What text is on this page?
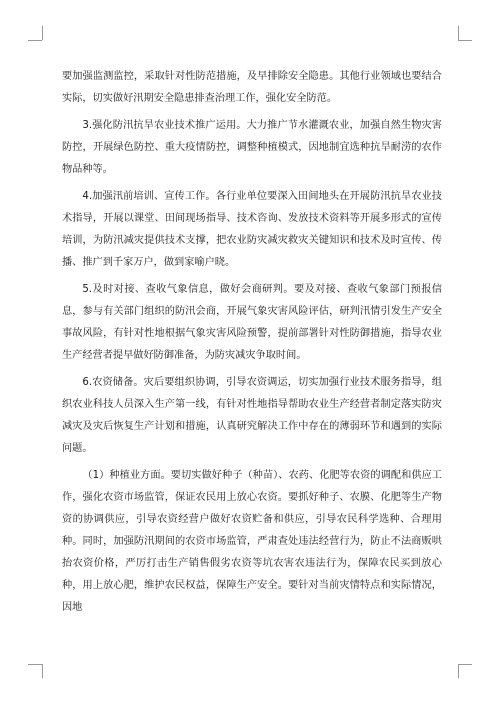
要加强监测监控，采取针对性防范措施，及早排除安全隐患。其他行业领域也要结合实际，切实做好汛期安全隐患排查治理工作，强化安全防范。

3.强化防汛抗旱农业技术推广运用。大力推广节水灌溉农业，加强自然生物灾害防控，开展绿色防控、重大疫情防控，调整种植模式，因地制宜选种抗旱耐涝的农作物品种等。

4.加强汛前培训、宣传工作。各行业单位要深入田间地头在开展防汛抗旱农业技术指导，开展以课堂、田间现场指导、技术咨询、发放技术资料等开展多形式的宣传培训，为防汛减灾提供技术支撑，把农业防灾减灾救灾关键知识和技术及时宣传、传播、推广到千家万户，做到家喻户晓。

5.及时对接、查收气象信息，做好会商研判。要及对接、查收气象部门预报信息，参与有关部门组织的防汛会商，开展气象灾害风险评估，研判汛情引发生产安全事故风险，有针对性地根据气象灾害风险预警，提前部署针对性防御措施，指导农业生产经营者提早做好防御准备，为防灾减灾争取时间。

6.农资储备。灾后要组织协调，引导农资调运，切实加强行业技术服务指导，组织农业科技人员深入生产第一线，有针对性地指导帮助农业生产经营者制定落实防灾减灾及灾后恢复生产计划和措施，认真研究解决工作中存在的薄弱环节和遇到的实际问题。

（1）种植业方面。要切实做好种子（种苗）、农药、化肥等农资的调配和供应工作，强化农资市场监管，保证农民用上放心农资。要抓好种子、农膜、化肥等生产物资的协调供应，引导农资经营户做好农资贮备和供应，引导农民科学选种、合理用种。同时，加强防汛期间的农资市场监管，严肃查处违法经营行为，防止不法商贩哄抬农资价格，严厉打击生产销售假劣农资等坑农害农违法行为，保障农民买到放心种，用上放心肥，维护农民权益，保障生产安全。要针对当前灾情特点和实际情况，因地
